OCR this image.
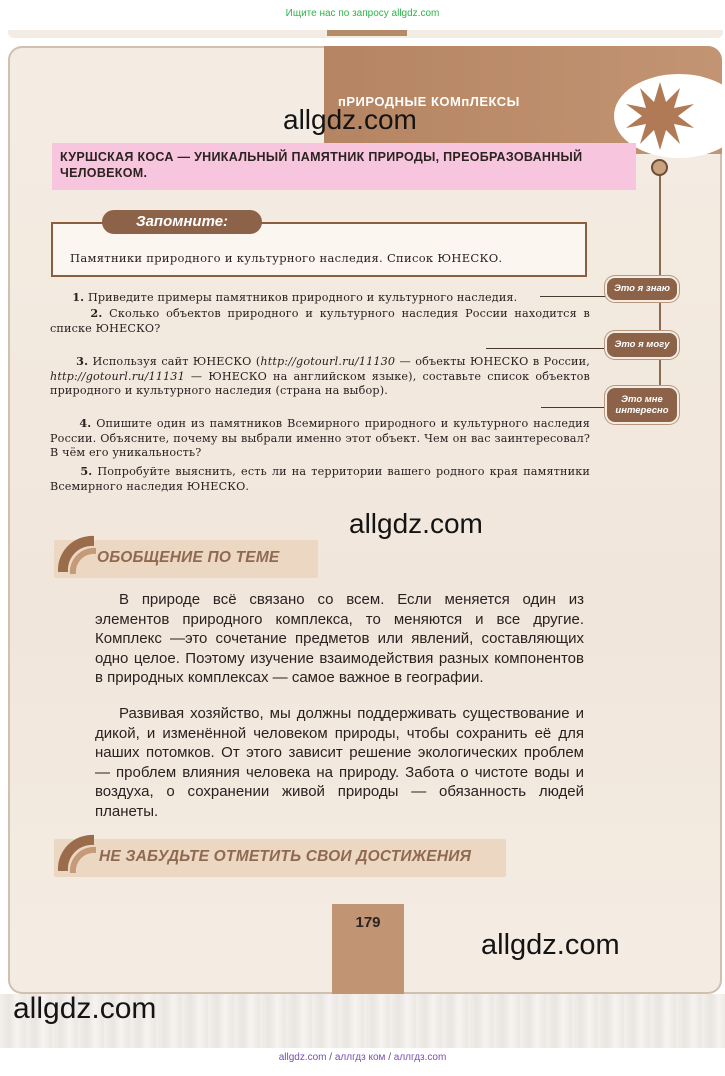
Ищите нас по запросу allgdz.com
пРИРОДНЫЕ КОМпЛЕКСЫ
КУРШСКАЯ КОСА — УНИКАЛЬНЫЙ ПАМЯТНИК ПРИРОДЫ, ПРЕОБРАЗОВАННЫЙ ЧЕЛОВЕКОМ.
Запомните:
Памятники природного и культурного наследия. Список ЮНЕСКО.
1. Приведите примеры памятников природного и культурного наследия.
2. Сколько объектов природного и культурного наследия России находится в списке ЮНЕСКО?
3. Используя сайт ЮНЕСКО (http://gotourl.ru/11130 — объекты ЮНЕСКО в России, http://gotourl.ru/11131 — ЮНЕСКО на английском языке), составьте список объектов природного и культурного наследия (страна на выбор).
4. Опишите один из памятников Всемирного природного и культурного наследия России. Объясните, почему вы выбрали именно этот объект. Чем он вас заинтересовал? В чём его уникальность?
5. Попробуйте выяснить, есть ли на территории вашего родного края памятники Всемирного наследия ЮНЕСКО.
Это я знаю
Это я могу
Это мне интересно
ОБОБЩЕНИЕ ПО ТЕМЕ
В природе всё связано со всем. Если меняется один из элементов природного комплекса, то меняются и все другие. Комплекс —это сочетание предметов или явлений, составляющих одно целое. Поэтому изучение взаимодействия разных компонентов в природных комплексах — самое важное в географии.
Развивая хозяйство, мы должны поддерживать существование и дикой, и изменённой человеком природы, чтобы сохранить её для наших потомков. От этого зависит решение экологических проблем — проблем влияния человека на природу. Забота о чистоте воды и воздуха, о сохранении живой природы — обязанность людей планеты.
НЕ ЗАБУДЬТЕ ОТМЕТИТЬ СВОИ ДОСТИЖЕНИЯ
179
allgdz.com
allgdz.com
allgdz.com
allgdz.com
allgdz.com / аллгдз ком / аллгдз.com
